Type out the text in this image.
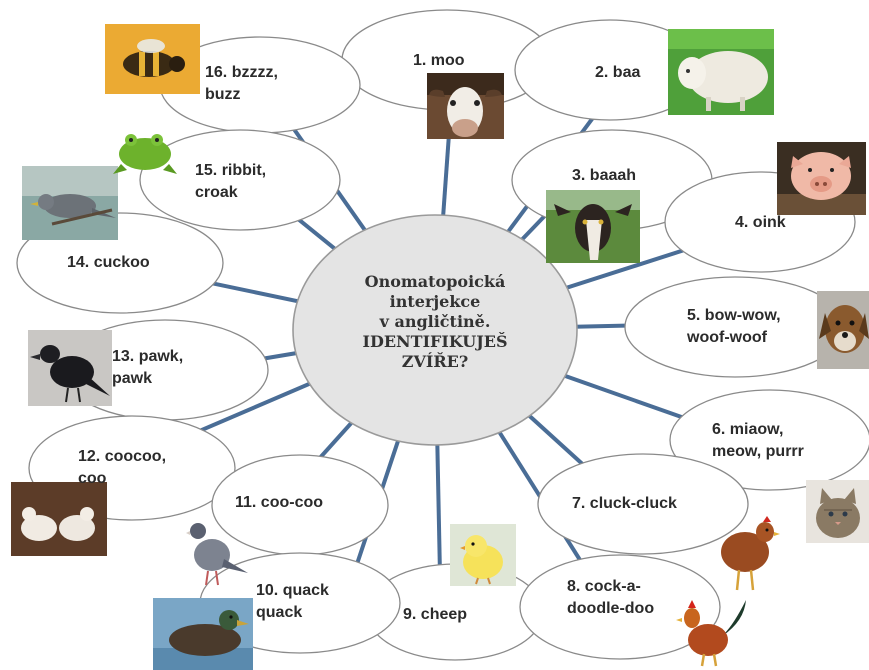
Onomatopoická
interjekce
v angličtině.
IDENTIFIKUJEŠ
ZVÍŘE?
1. moo
2. baa
3. baaah
4. oink
5. bow-wow,
woof-woof
6. miaow,
meow, purrr
7. cluck-cluck
8. cock-a-
doodle-doo
9. cheep
10. quack
quack
11. coo-coo
12. coocoo,
coo
13. pawk,
pawk
14. cuckoo
15. ribbit,
croak
16. bzzzz,
buzz
